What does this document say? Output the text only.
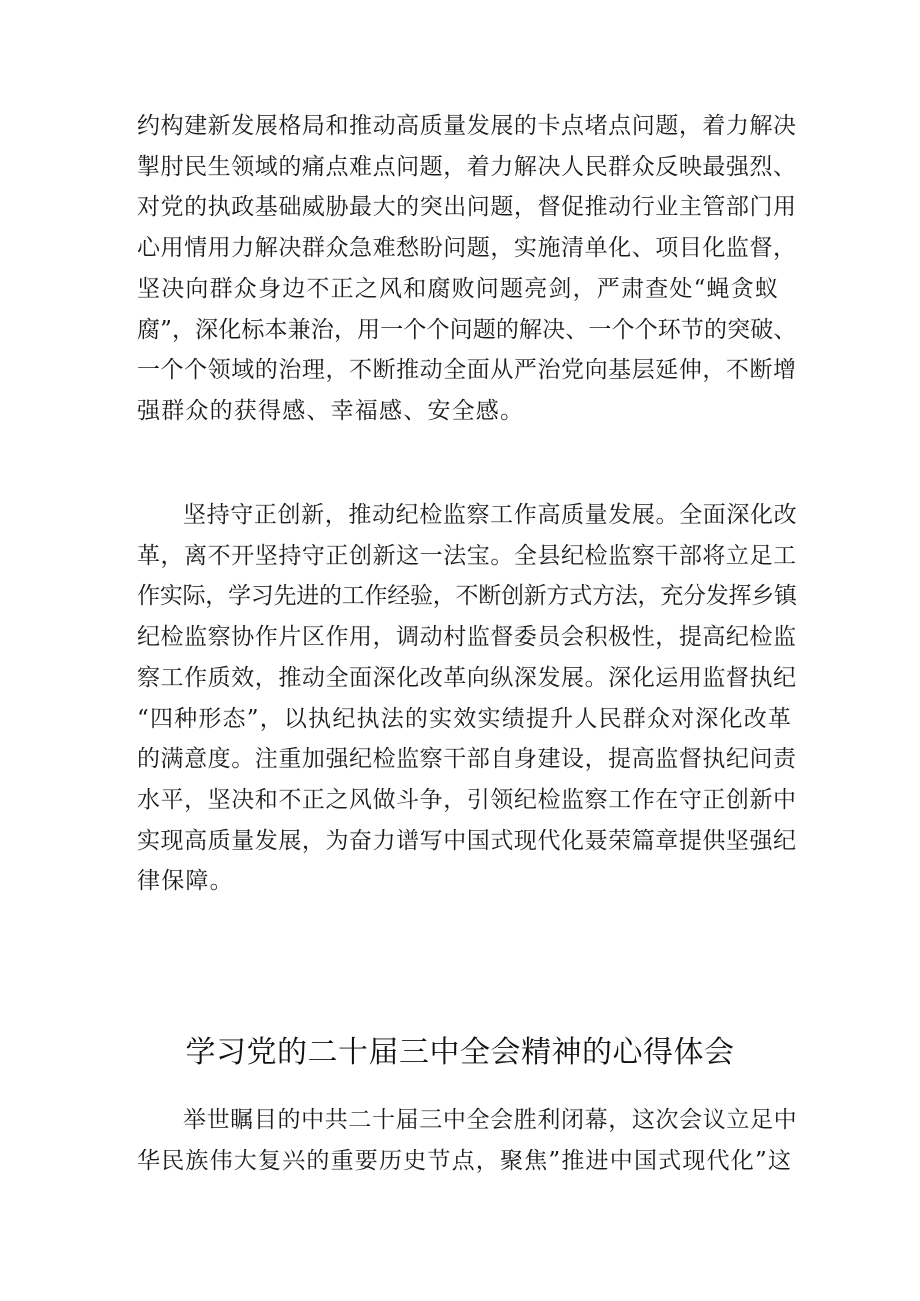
约构建新发展格局和推动高质量发展的卡点堵点问题，着力解决
掣肘民生领域的痛点难点问题，着力解决人民群众反映最强烈、
对党的执政基础威胁最大的突出问题，督促推动行业主管部门用
心用情用力解决群众急难愁盼问题，实施清单化、项目化监督，
坚决向群众身边不正之风和腐败问题亮剑，严肃查处“蝇贪蚁
腐”，深化标本兼治，用一个个问题的解决、一个个环节的突破、
一个个领域的治理，不断推动全面从严治党向基层延伸，不断增
强群众的获得感、幸福感、安全感。
坚持守正创新，推动纪检监察工作高质量发展。全面深化改
革，离不开坚持守正创新这一法宝。全县纪检监察干部将立足工
作实际，学习先进的工作经验，不断创新方式方法，充分发挥乡镇
纪检监察协作片区作用，调动村监督委员会积极性，提高纪检监
察工作质效，推动全面深化改革向纵深发展。深化运用监督执纪
“四种形态”，以执纪执法的实效实绩提升人民群众对深化改革
的满意度。注重加强纪检监察干部自身建设，提高监督执纪问责
水平，坚决和不正之风做斗争，引领纪检监察工作在守正创新中
实现高质量发展，为奋力谱写中国式现代化聂荣篇章提供坚强纪
律保障。
学习党的二十届三中全会精神的心得体会
举世瞩目的中共二十届三中全会胜利闭幕，这次会议立足中
华民族伟大复兴的重要历史节点，聚焦”推进中国式现代化”这
